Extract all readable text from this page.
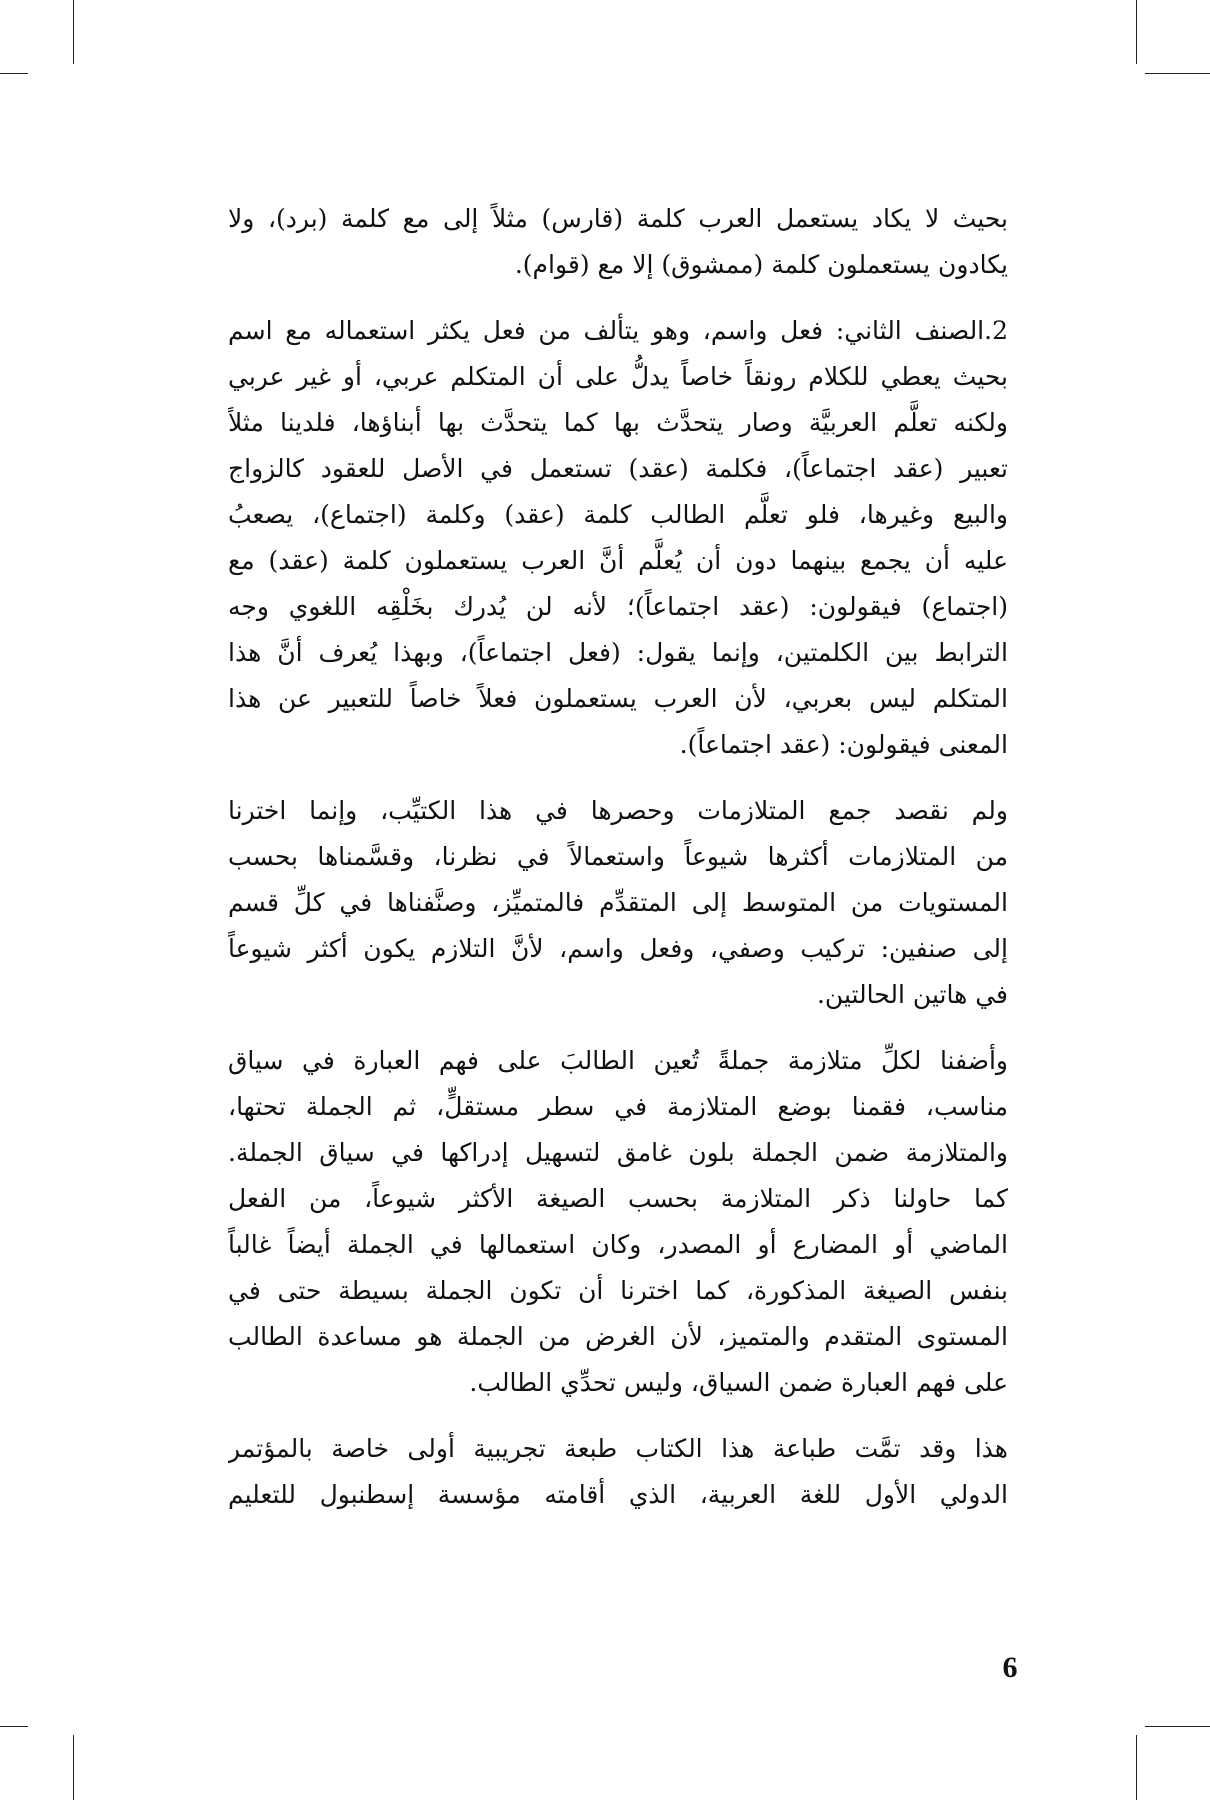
بحيث لا يكاد يستعمل العرب كلمة (قارس) مثلاً إلى مع كلمة (برد)، ولا
يكادون يستعملون كلمة (ممشوق) إلا مع (قوام).
2.الصنف الثاني: فعل واسم، وهو يتألف من فعل يكثر استعماله مع اسم
بحيث يعطي للكلام رونقاً خاصاً يدلُّ على أن المتكلم عربي، أو غير عربي
ولكنه تعلَّم العربيَّة وصار يتحدَّث بها كما يتحدَّث بها أبناؤها، فلدينا مثلاً
تعبير (عقد اجتماعاً)، فكلمة (عقد) تستعمل في الأصل للعقود كالزواج
والبيع وغيرها، فلو تعلَّم الطالب كلمة (عقد) وكلمة (اجتماع)، يصعبُ
عليه أن يجمع بينهما دون أن يُعلَّم أنَّ العرب يستعملون كلمة (عقد) مع
(اجتماع) فيقولون: (عقد اجتماعاً)؛ لأنه لن يُدرك بخَلْقِه اللغوي وجه
الترابط بين الكلمتين، وإنما يقول: (فعل اجتماعاً)، وبهذا يُعرف أنَّ هذا
المتكلم ليس بعربي، لأن العرب يستعملون فعلاً خاصاً للتعبير عن هذا
المعنى فيقولون: (عقد اجتماعاً).
ولم نقصد جمع المتلازمات وحصرها في هذا الكتيِّب، وإنما اخترنا
من المتلازمات أكثرها شيوعاً واستعمالاً في نظرنا، وقسَّمناها بحسب
المستويات من المتوسط إلى المتقدِّم فالمتميِّز، وصنَّفناها في كلِّ قسم
إلى صنفين: تركيب وصفي، وفعل واسم، لأنَّ التلازم يكون أكثر شيوعاً
في هاتين الحالتين.
وأضفنا لكلِّ متلازمة جملةً تُعين الطالبَ على فهم العبارة في سياق
مناسب، فقمنا بوضع المتلازمة في سطر مستقلٍّ، ثم الجملة تحتها،
والمتلازمة ضمن الجملة بلون غامق لتسهيل إدراكها في سياق الجملة.
كما حاولنا ذكر المتلازمة بحسب الصيغة الأكثر شيوعاً، من الفعل
الماضي أو المضارع أو المصدر، وكان استعمالها في الجملة أيضاً غالباً
بنفس الصيغة المذكورة، كما اخترنا أن تكون الجملة بسيطة حتى في
المستوى المتقدم والمتميز، لأن الغرض من الجملة هو مساعدة الطالب
على فهم العبارة ضمن السياق، وليس تحدِّي الطالب.
هذا وقد تمَّت طباعة هذا الكتاب طبعة تجريبية أولى خاصة بالمؤتمر
الدولي الأول للغة العربية، الذي أقامته مؤسسة إسطنبول للتعليم
6
